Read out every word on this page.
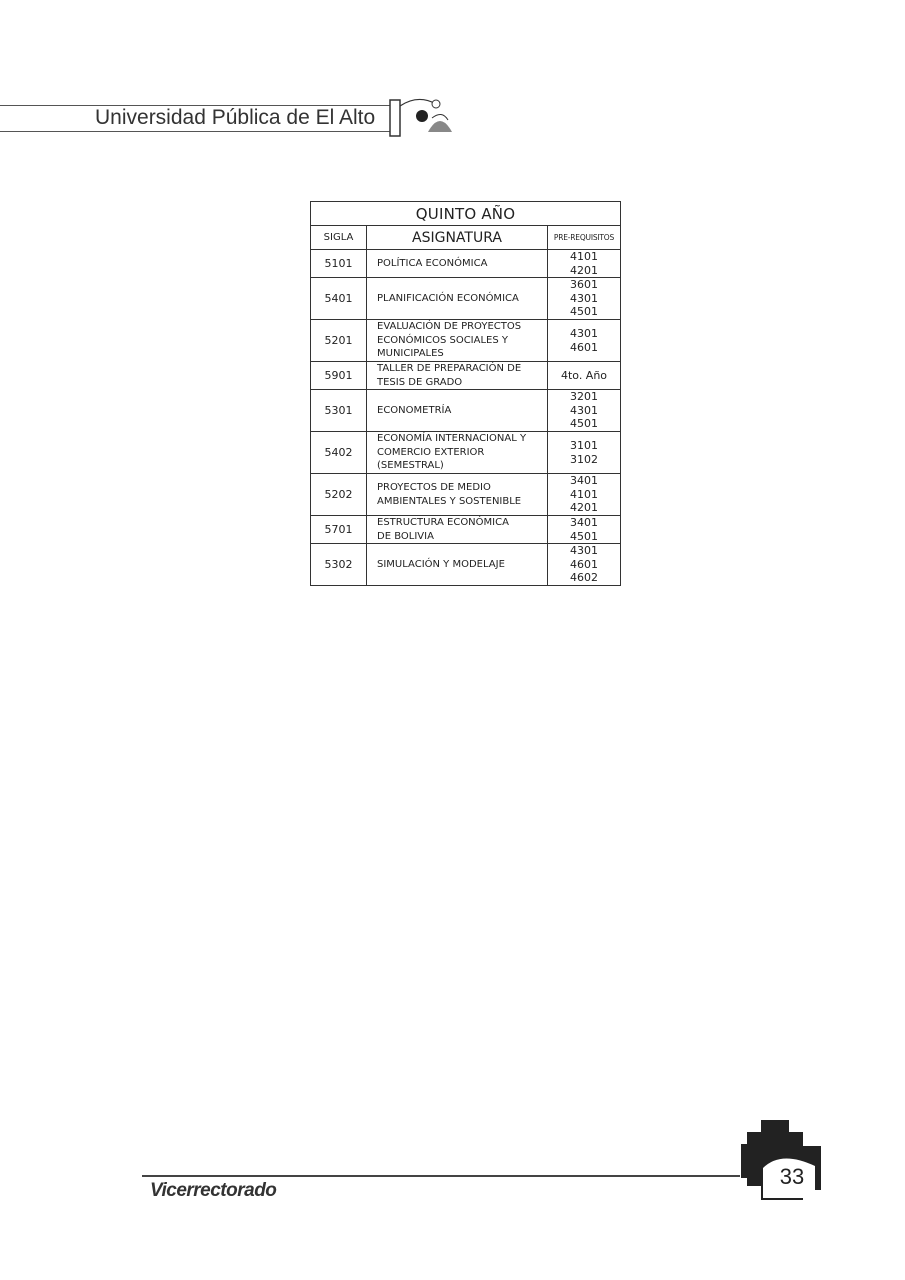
Universidad Pública de El Alto
QUINTO AÑO		
SIGLA	ASIGNATURA	PRE-REQUISITOS
5101	POLÍTICA ECONÓMICA	4101
4201

5401	PLANIFICACIÓN ECONÓMICA	3601
4301
4501

5201	EVALUACIÓN DE PROYECTOS
ECONÓMICOS SOCIALES Y
MUNICIPALES	4301
4601

5901	TALLER DE PREPARACIÓN DE
TESIS DE GRADO	4to. Año

5301	ECONOMETRÍA	3201
4301
4501

5402	ECONOMÍA INTERNACIONAL Y
COMERCIO EXTERIOR
(SEMESTRAL)	3101
3102

5202	PROYECTOS DE MEDIO
AMBIENTALES Y SOSTENIBLE	3401
4101
4201

5701	ESTRUCTURA ECONÓMICA
DE BOLIVIA	3401
4501

5302	SIMULACIÓN Y MODELAJE	4301
4601
4602
Vicerrectorado
33
